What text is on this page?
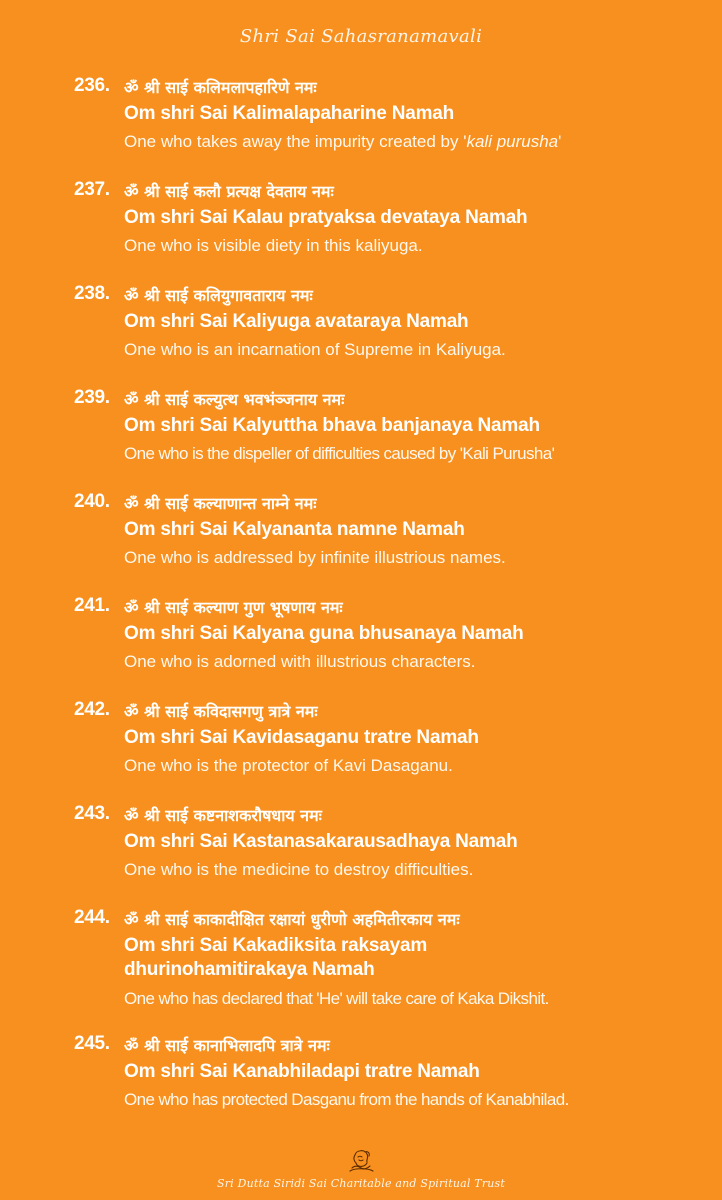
Shri Sai Sahasranamavali
236. ॐ श्री साई कलिमलापहारिणे नमः
Om shri Sai Kalimalapaharine Namah
One who takes away the impurity created by 'kali purusha'
237. ॐ श्री साई कलौ प्रत्यक्ष देवताय नमः
Om shri Sai Kalau pratyaksa devataya Namah
One who is visible diety in this kaliyuga.
238. ॐ श्री साई कलियुगावताराय नमः
Om shri Sai Kaliyuga avataraya Namah
One who is an incarnation of Supreme in Kaliyuga.
239. ॐ श्री साई कल्युत्थ भवभंञ्जनाय नमः
Om shri Sai Kalyuttha bhava banjanaya Namah
One who is the dispeller of difficulties caused by 'Kali Purusha'
240. ॐ श्री साई कल्याणान्त नाम्ने नमः
Om shri Sai Kalyananta namne Namah
One who is addressed by infinite illustrious names.
241. ॐ श्री साई कल्याण गुण भूषणाय नमः
Om shri Sai Kalyana guna bhusanaya Namah
One who is adorned with illustrious characters.
242. ॐ श्री साई कविदासगणु त्रात्रे नमः
Om shri Sai Kavidasaganu tratre Namah
One who is the protector of Kavi Dasaganu.
243. ॐ श्री साई कष्टनाशकरौषधाय नमः
Om shri Sai Kastanasakarausadhaya Namah
One who is the medicine to destroy difficulties.
244. ॐ श्री साई काकादीक्षित रक्षायां धुरीणो अहमितीरकाय नमः
Om shri Sai Kakadiksita raksayam
dhurinohamitirakaya Namah
One who has declared that 'He' will take care of Kaka Dikshit.
245. ॐ श्री साई कानाभिलादपि त्रात्रे नमः
Om shri Sai Kanabhiladapi tratre Namah
One who has protected Dasganu from the hands of Kanabhilad.
Sri Dutta Siridi Sai Charitable and Spiritual Trust
